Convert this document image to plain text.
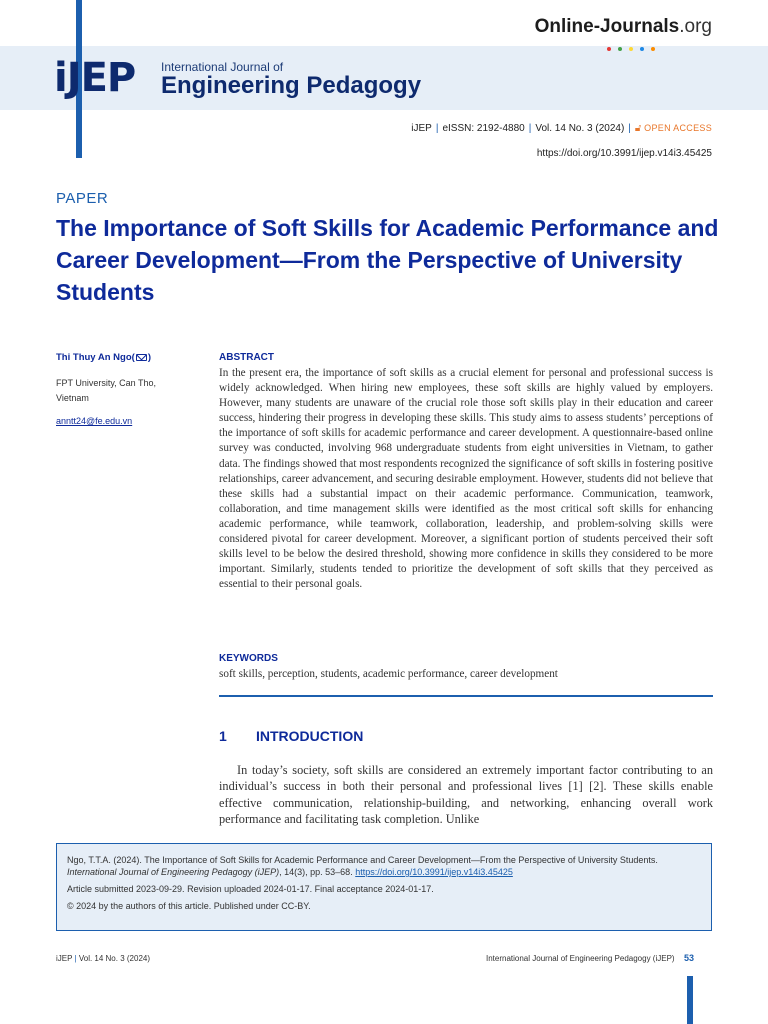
iJEP International Journal of
Engineering Pedagogy
Online-Journals.org
iJEP | eISSN: 2192-4880 | Vol. 14 No. 3 (2024) | 🔓︎ OPEN ACCESS
https://doi.org/10.3991/ijep.v14i3.45425
PAPER
The Importance of Soft Skills for Academic Performance and Career Development—From the Perspective of University Students
Thi Thuy An Ngo( )
FPT University, Can Tho, Vietnam
anntt24@fe.edu.vn
ABSTRACT
In the present era, the importance of soft skills as a crucial element for personal and professional success is widely acknowledged. When hiring new employees, these soft skills are highly valued by employers. However, many students are unaware of the crucial role those soft skills play in their education and career success, hindering their progress in developing these skills. This study aims to assess students’ perceptions of the importance of soft skills for academic performance and career development. A questionnaire-based online survey was conducted, involving 968 undergraduate students from eight universities in Vietnam, to gather data. The findings showed that most respondents recognized the significance of soft skills in fostering positive relationships, career advancement, and securing desirable employment. However, students did not believe that these skills had a substantial impact on their academic performance. Communication, teamwork, collaboration, and time management skills were identified as the most critical soft skills for enhancing academic performance, while teamwork, collaboration, leadership, and problem-solving skills were considered pivotal for career development. Moreover, a significant portion of students perceived their soft skills level to be below the desired threshold, showing more confidence in skills they considered to be more important. Similarly, students tended to prioritize the development of soft skills that they perceived as essential to their personal goals.
KEYWORDS
soft skills, perception, students, academic performance, career development
1 INTRODUCTION
In today’s society, soft skills are considered an extremely important factor contributing to an individual’s success in both their personal and professional lives [1] [2]. These skills enable effective communication, relationship-building, and networking, enhancing overall work performance and facilitating task completion. Unlike

Ngo, T.T.A. (2024). The Importance of Soft Skills for Academic Performance and Career Development—From the Perspective of University Students. International Journal of Engineering Pedagogy (iJEP), 14(3), pp. 53–68. https://doi.org/10.3991/ijep.v14i3.45425

Article submitted 2023-09-29. Revision uploaded 2024-01-17. Final acceptance 2024-01-17.

© 2024 by the authors of this article. Published under CC-BY.

iJEP | Vol. 14 No. 3 (2024)	International Journal of Engineering Pedagogy (iJEP) 53
